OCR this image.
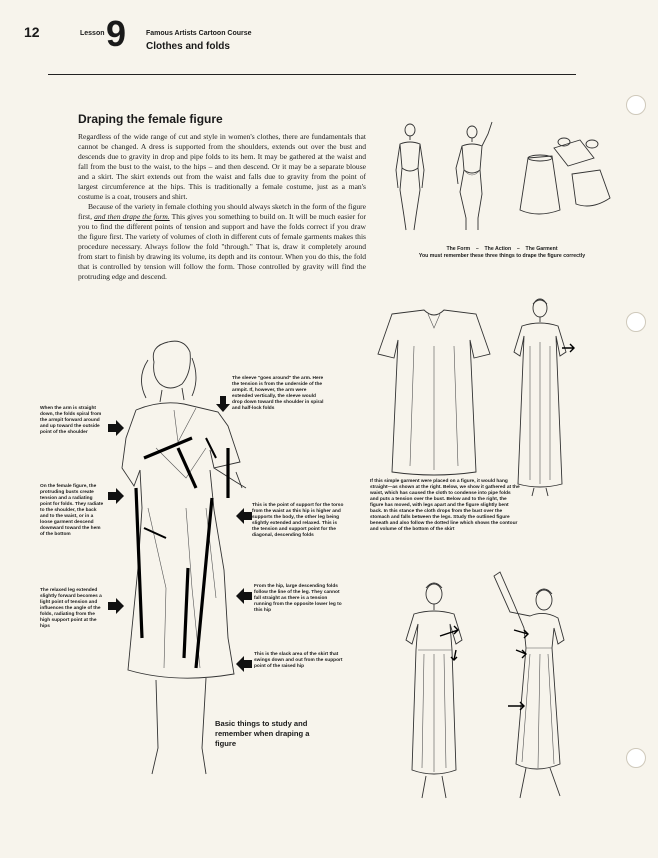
12	Lesson 9	Famous Artists Cartoon Course
Clothes and folds
Draping the female figure

Regardless of the wide range of cut and style in women's clothes, there are fundamentals that cannot be changed. A dress is supported from the shoulders, extends out over the bust and descends due to gravity in drop and pipe folds to its hem. It may be gathered at the waist and fall from the bust to the waist, to the hips – and then descend. Or it may be a separate blouse and a skirt. The skirt extends out from the waist and falls due to gravity from the point of largest circumference at the hips. This is traditionally a female costume, just as a man's costume is a coat, trousers and shirt.

Because of the variety in female clothing you should always sketch in the form of the figure first, and then drape the form. This gives you something to build on. It will be much easier for you to find the different points of tension and support and have the folds correct if you draw the figure first. The variety of volumes of cloth in different cuts of female garments makes this procedure necessary. Always follow the fold "through." That is, draw it completely around from start to finish by drawing its volume, its depth and its contour. When you do this, the fold that is controlled by tension will follow the form. Those controlled by gravity will find the protruding edge and descend.

The Form – The Action – The Garment
You must remember these three things to drape the figure correctly
If this simple garment were placed on a figure, it would hang straight—as shown at the right. Below, we show it gathered at the waist, which has caused the cloth to condense into pipe folds and puts a tension over the bust. Below and to the right, the figure has moved, with legs apart and the figure slightly bent back. In this stance the cloth drops from the bust over the stomach and falls between the legs. Study the outlined figure beneath and also follow the dotted line which shows the contour and volume of the bottom of the skirt
When the arm is straight down, the folds spiral from the armpit forward around and up toward the outside point of the shoulder
On the female figure, the protruding busts create tension and a radiating point for folds. They radiate to the shoulder, the back and to the waist, or in a loose garment descend downward toward the hem of the bottom
The relaxed leg extended slightly forward becomes a light point of tension and influences the angle of the folds, radiating from the high support point at the hips
The sleeve "goes around" the arm. Here the tension is from the underside of the armpit. If, however, the arm were extended vertically, the sleeve would drop down toward the shoulder in spiral and half-lock folds
This is the point of support for the torso from the waist as this hip is higher and supports the body, the other leg being slightly extended and relaxed. This is the tension and support point for the diagonal, descending folds
From the hip, large descending folds follow the line of the leg. They cannot fall straight as there is a tension running from the opposite lower leg to this hip
This is the slack area of the skirt that swings down and out from the support point of the raised hip
Basic things to study and remember when draping a figure
